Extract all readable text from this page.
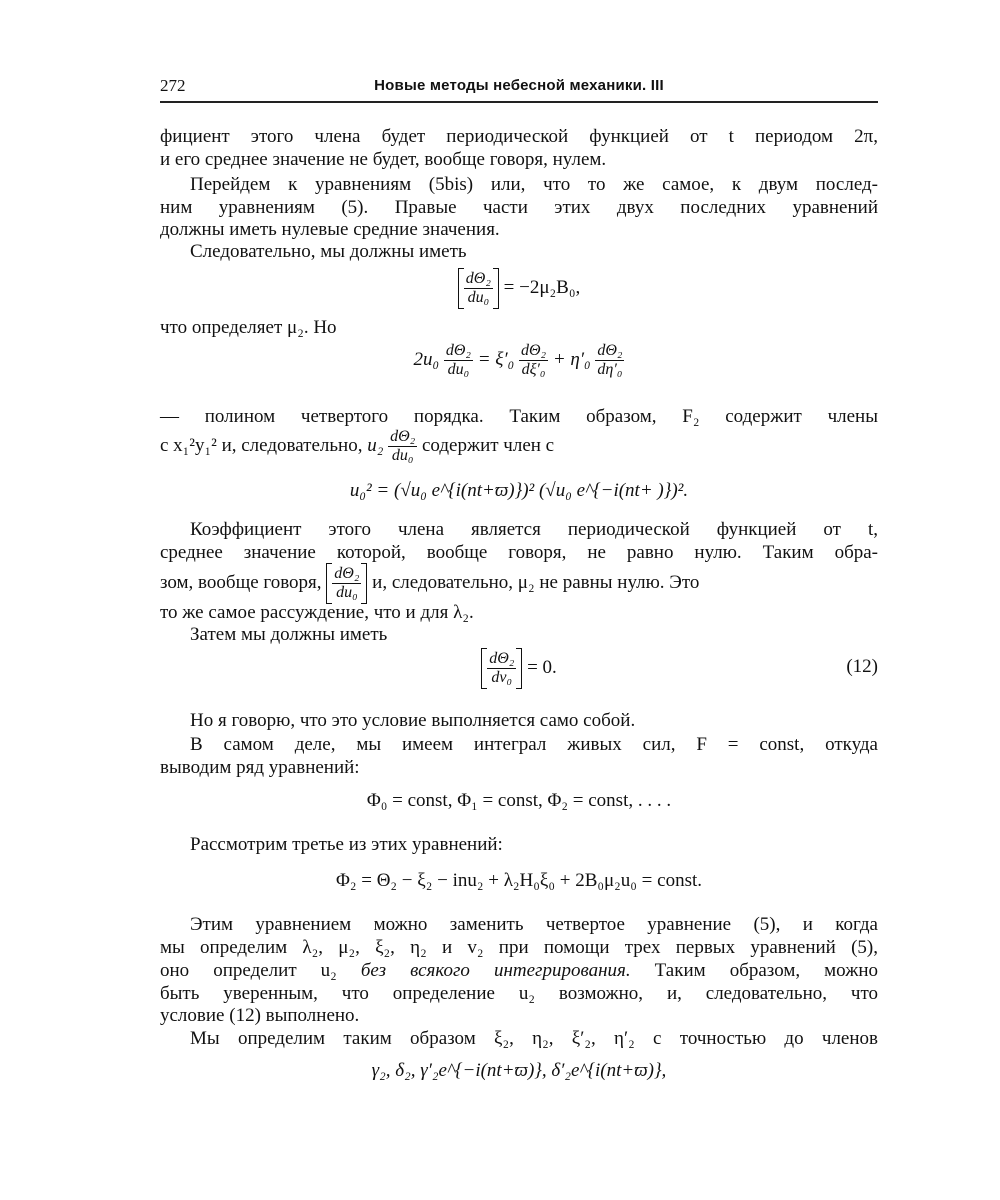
272	Новые методы небесной механики. III
фициент этого члена будет периодической функцией от t периодом 2π,
и его среднее значение не будет, вообще говоря, нулем.
Перейдем к уравнениям (5bis) или, что то же самое, к двум послед-
ним уравнениям (5). Правые части этих двух последних уравнений
должны иметь нулевые средние значения.
Следовательно, мы должны иметь
$\frac{\text{dΘ₂}}{\text{du₀}} = -2\mu_2B_0$,
что определяет μ₂. Но
$2u_0 \frac{\text{dΘ₂}}{\text{du₀}} = \xi'_0 \frac{\text{dΘ₂}}{\text{dξ′₀}} + \eta'_0 \frac{\text{dΘ₂}}{\text{dη′₀}}$
— полином четвертого порядка. Таким образом, F₂ содержит члены
с x₁²y₁² и, следовательно, $u_2 \frac{\text{dΘ₂}}{\text{du₀}}$ содержит член с
u₀² = (√u₀ e^{i(nt+ϖ)})² (√u₀ e^{−i(nt+ )})².
Коэффициент этого члена является периодической функцией от t,
среднее значение которой, вообще говоря, не равно нулю. Таким обра-
зом, вообще говоря, $\frac{\text{dΘ₂}}{\text{du₀}} и$, следовательно, μ₂ не равны нулю. Это
то же самое рассуждение, что и для λ₂.
Затем мы должны иметь
$\frac{\text{dΘ₂}}{\text{dv₀}} = 0$.	(12)
Но я говорю, что это условие выполняется само собой.
В самом деле, мы имеем интеграл живых сил, F = const, откуда
выводим ряд уравнений:
Φ₀ = const, Φ₁ = const, Φ₂ = const, . . . .
Рассмотрим третье из этих уравнений:
Φ₂ = Θ₂ − ξ₂ − inu₂ + λ₂H₀ξ₀ + 2B₀μ₂u₀ = const.
Этим уравнением можно заменить четвертое уравнение (5), и когда
мы определим λ₂, μ₂, ξ₂, η₂ и v₂ при помощи трех первых уравнений (5),
оно определит u₂ без всякого интегрирования. Таким образом, можно
быть уверенным, что определение u₂ возможно, и, следовательно, что
условие (12) выполнено.
Мы определим таким образом ξ₂, η₂, ξ′₂, η′₂ с точностью до членов
γ₂, δ₂, γ′₂e^{−i(nt+ϖ)}, δ′₂e^{i(nt+ϖ)},
